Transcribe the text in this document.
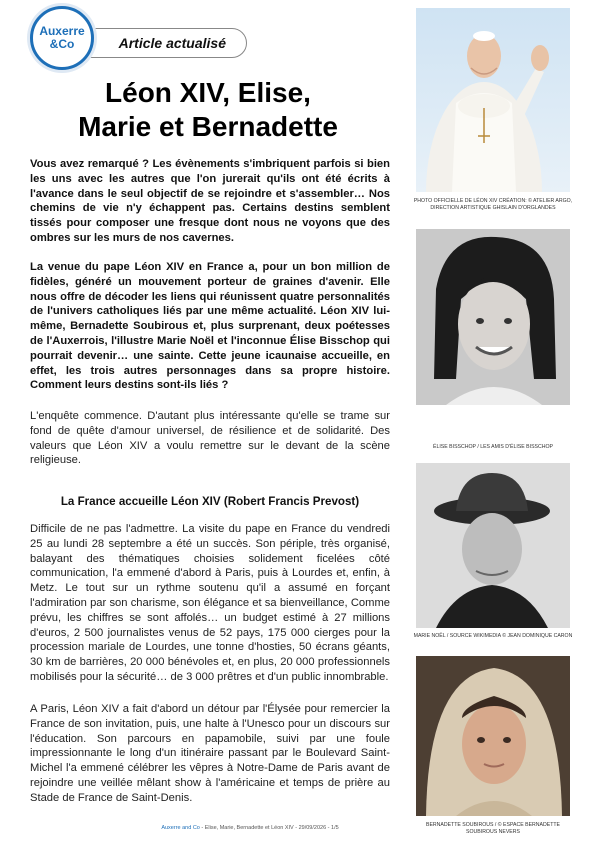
Article actualisé
Auxerre
&Co
Léon XIV, Elise,
Marie et Bernadette
Vous avez remarqué ? Les évènements s'imbriquent parfois si bien les uns avec les autres que l'on jurerait qu'ils ont été écrits à l'avance dans le seul objectif de se rejoindre et s'assembler… Nos chemins de vie n'y échappent pas. Certains destins semblent tissés pour composer une fresque dont nous ne voyons que des ombres sur les murs de nos cavernes.
La venue du pape Léon XIV en France a, pour un bon million de fidèles, généré un mouvement porteur de graines d'avenir. Elle nous offre de décoder les liens qui réunissent quatre personnalités de l'univers catholiques liés par une même actualité. Léon XIV lui-même, Bernadette Soubirous et, plus surprenant, deux poétesses de l'Auxerrois, l'illustre Marie Noël et l'inconnue Élise Bisschop qui pourrait devenir… une sainte. Cette jeune icaunaise accueille, en effet, les trois autres personnages dans sa propre histoire. Comment leurs destins sont-ils liés ?
L'enquête commence. D'autant plus intéressante qu'elle se trame sur fond de quête d'amour universel, de résilience et de solidarité. Des valeurs que Léon XIV a voulu remettre sur le devant de la scène religieuse.
La France accueille Léon XIV (Robert Francis Prevost)
Difficile de ne pas l'admettre. La visite du pape en France du vendredi 25 au lundi 28 septembre a été un succès. Son périple, très organisé, balayant des thématiques choisies solidement ficelées côté communication, l'a emmené d'abord à Paris, puis à Lourdes et, enfin, à Metz. Le tout sur un rythme soutenu qu'il a assumé en forçant l'admiration par son charisme, son élégance et sa bienveillance, Comme prévu, les chiffres se sont affolés… un budget estimé à 27 millions d'euros, 2 500 journalistes venus de 52 pays, 175 000 cierges pour la procession mariale de Lourdes, une tonne d'hosties, 50 écrans géants, 30 km de barrières, 20 000 bénévoles et, en plus, 20 000 professionnels mobilisés pour la sécurité… de 3 000 prêtres et d'un public innombrable.
A Paris, Léon XIV a fait d'abord un détour par l'Élysée pour remercier la France de son invitation, puis, une halte à l'Unesco pour un discours sur l'éducation. Son parcours en papamobile, suivi par une foule impressionnante le long d'un itinéraire passant par le Boulevard Saint-Michel l'a emmené célébrer les vêpres à Notre-Dame de Paris avant de rejoindre une veillée mêlant show à l'américaine et temps de prière au Stade de France de Saint-Denis.
PHOTO OFFICIELLE DE LÉON XIV CRÉATION: © ATELIER ARGO, DIRECTION ARTISTIQUE GHISLAIN D'ORGLANDES
ÉLISE BISSCHOP / LES AMIS D'ÉLISE BISSCHOP
MARIE NOËL / SOURCE WIKIMEDIA © JEAN DOMINIQUE CARON
BERNADETTE SOUBIROUS / © ESPACE BERNADETTE SOUBIROUS NEVERS
Auxerre and Co - Elise, Marie, Bernadette et Léon XIV - 29/09/2026 - 1/5
